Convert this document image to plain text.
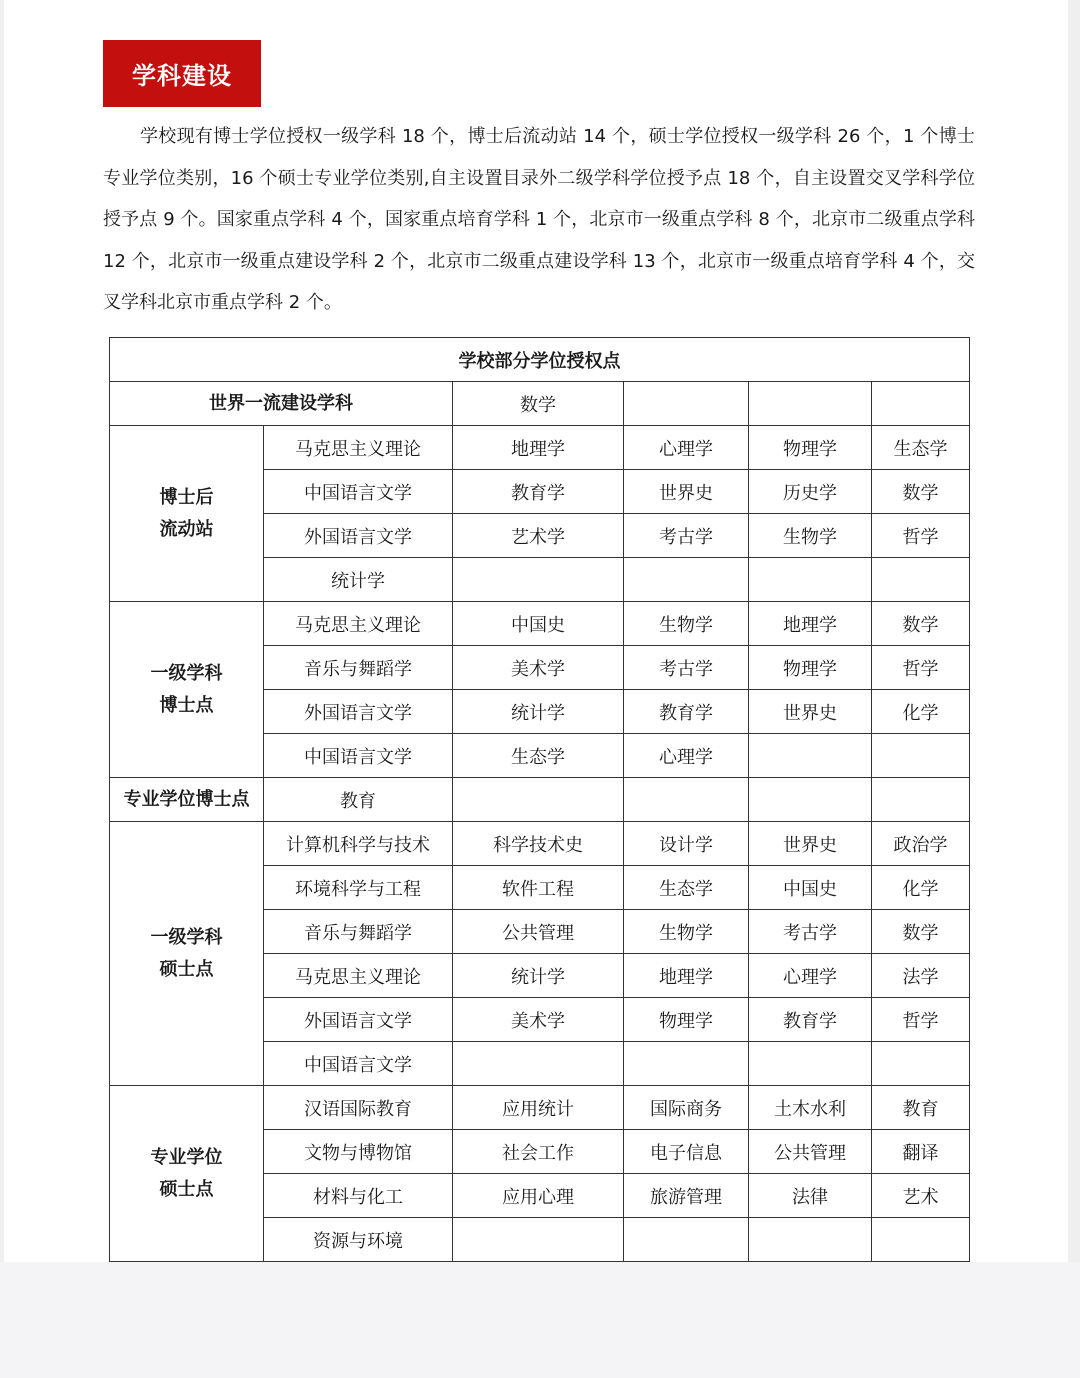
学科建设

学校现有博士学位授权一级学科 18 个，博士后流动站 14 个，硕士学位授权一级学科 26 个，1 个博士专业学位类别，16 个硕士专业学位类别,自主设置目录外二级学科学位授予点 18 个，自主设置交叉学科学位授予点 9 个。国家重点学科 4 个，国家重点培育学科 1 个，北京市一级重点学科 8 个，北京市二级重点学科 12 个，北京市一级重点建设学科 2 个，北京市二级重点建设学科 13 个，北京市一级重点培育学科 4 个，交叉学科北京市重点学科 2 个。

学校部分学位授权点					
世界一流建设学科		数学			

博士后
流动站	马克思主义理论	地理学	心理学	物理学	生态学
	中国语言文学	教育学	世界史	历史学	数学
	外国语言文学	艺术学	考古学	生物学	哲学
	统计学				

一级学科
博士点	马克思主义理论	中国史	生物学	地理学	数学
	音乐与舞蹈学	美术学	考古学	物理学	哲学
	外国语言文学	统计学	教育学	世界史	化学
	中国语言文学	生态学	心理学		

专业学位博士点	教育				

一级学科
硕士点	计算机科学与技术	科学技术史	设计学	世界史	政治学
	环境科学与工程	软件工程	生态学	中国史	化学
	音乐与舞蹈学	公共管理	生物学	考古学	数学
	马克思主义理论	统计学	地理学	心理学	法学
	外国语言文学	美术学	物理学	教育学	哲学
	中国语言文学				

专业学位
硕士点	汉语国际教育	应用统计	国际商务	土木水利	教育
	文物与博物馆	社会工作	电子信息	公共管理	翻译
	材料与化工	应用心理	旅游管理	法律	艺术
	资源与环境				
